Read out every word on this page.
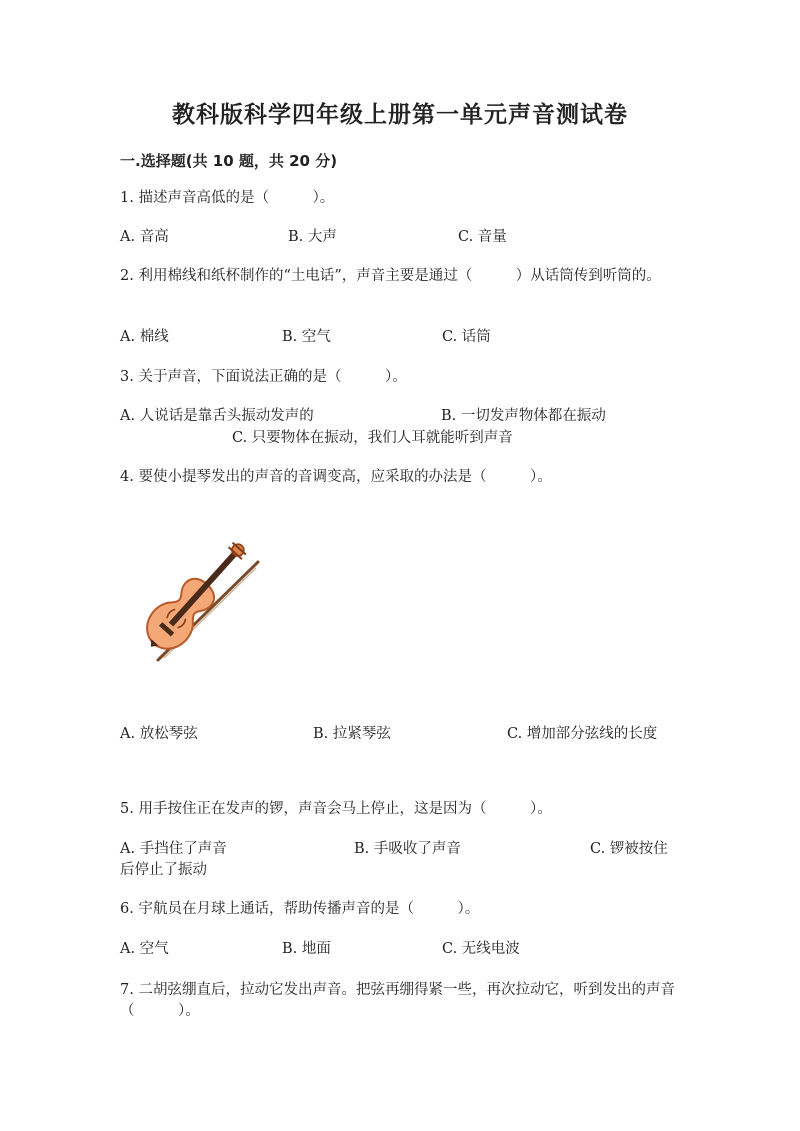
教科版科学四年级上册第一单元声音测试卷
一.选择题(共 10 题，共 20 分)
1. 描述声音高低的是（　　　）。
A. 音高	B. 大声	C. 音量
2. 利用棉线和纸杯制作的“土电话”，声音主要是通过（　　　）从话筒传到听筒的。
A. 棉线	B. 空气	C. 话筒
3. 关于声音，下面说法正确的是（　　　）。
A. 人说话是靠舌头振动发声的	B. 一切发声物体都在振动
C. 只要物体在振动，我们人耳就能听到声音
4. 要使小提琴发出的声音的音调变高，应采取的办法是（　　　）。
A. 放松琴弦	B. 拉紧琴弦	C. 增加部分弦线的长度
5. 用手按住正在发声的锣，声音会马上停止，这是因为（　　　）。
A. 手挡住了声音	B. 手吸收了声音	C. 锣被按住
后停止了振动
6. 宇航员在月球上通话，帮助传播声音的是（　　　）。
A. 空气	B. 地面	C. 无线电波
7. 二胡弦绷直后，拉动它发出声音。把弦再绷得紧一些，再次拉动它，听到发出的声音（　　　）。
